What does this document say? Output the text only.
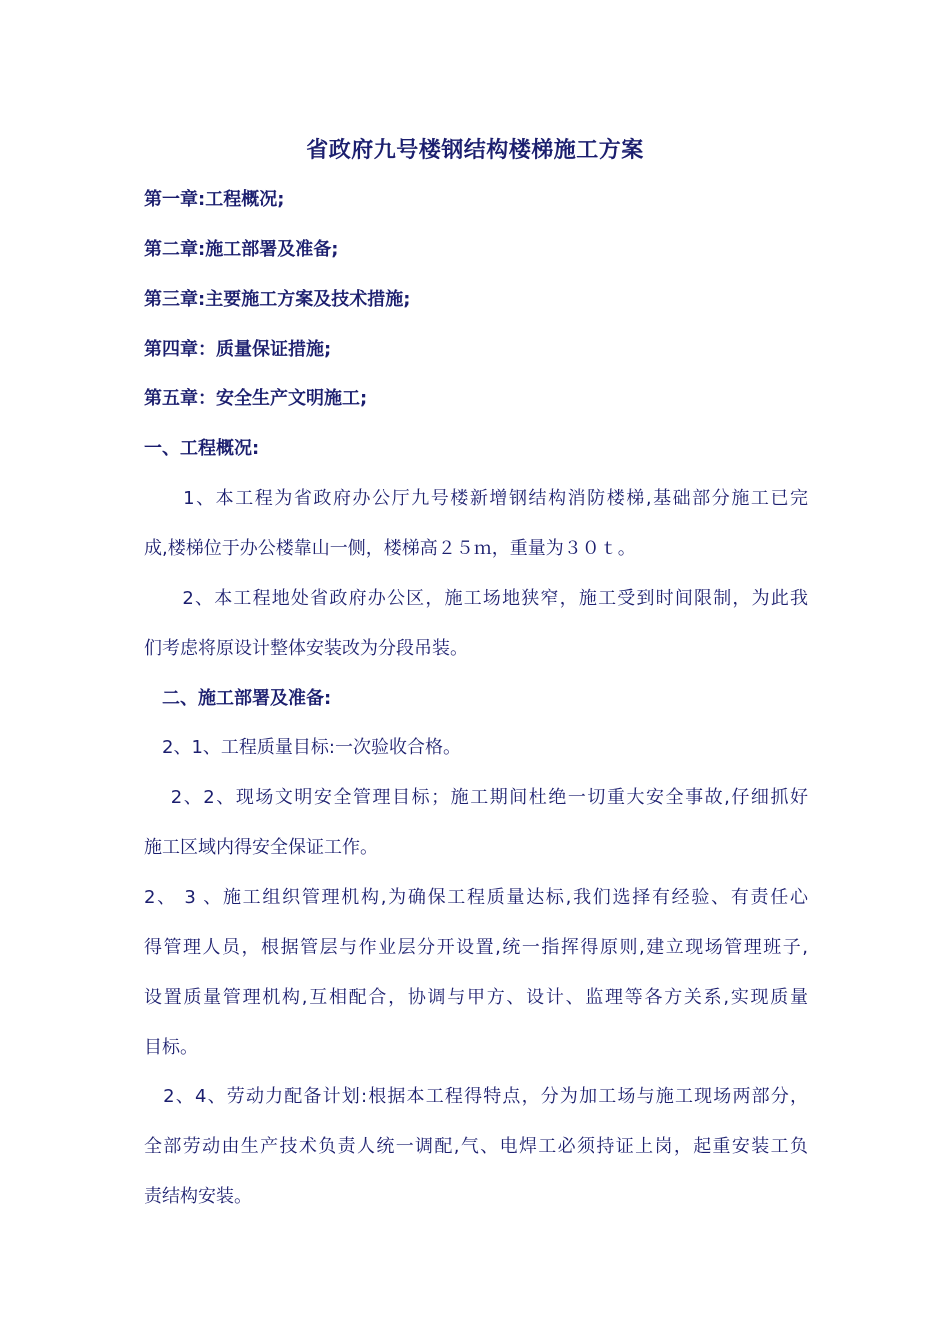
省政府九号楼钢结构楼梯施工方案
第一章:工程概况;
第二章:施工部署及准备;
第三章:主要施工方案及技术措施;
第四章：质量保证措施;
第五章：安全生产文明施工;
一、工程概况:
　　1、本工程为省政府办公厅九号楼新增钢结构消防楼梯,基础部分施工已完
成,楼梯位于办公楼靠山一侧，楼梯高２５ｍ，重量为３０ｔ。
　　2、本工程地处省政府办公区，施工场地狭窄，施工受到时间限制，为此我
们考虑将原设计整体安装改为分段吊装。
　二、施工部署及准备:
　2、1、工程质量目标:一次验收合格。
　 2、2、现场文明安全管理目标；施工期间杜绝一切重大安全事故,仔细抓好
施工区域内得安全保证工作。
2、 3 、施工组织管理机构,为确保工程质量达标,我们选择有经验、有责任心
得管理人员，根据管层与作业层分开设置,统一指挥得原则,建立现场管理班子,
设置质量管理机构,互相配合，协调与甲方、设计、监理等各方关系,实现质量
目标。
　2、4、劳动力配备计划:根据本工程得特点，分为加工场与施工现场两部分，
全部劳动由生产技术负责人统一调配,气、电焊工必须持证上岗，起重安装工负
责结构安装。
